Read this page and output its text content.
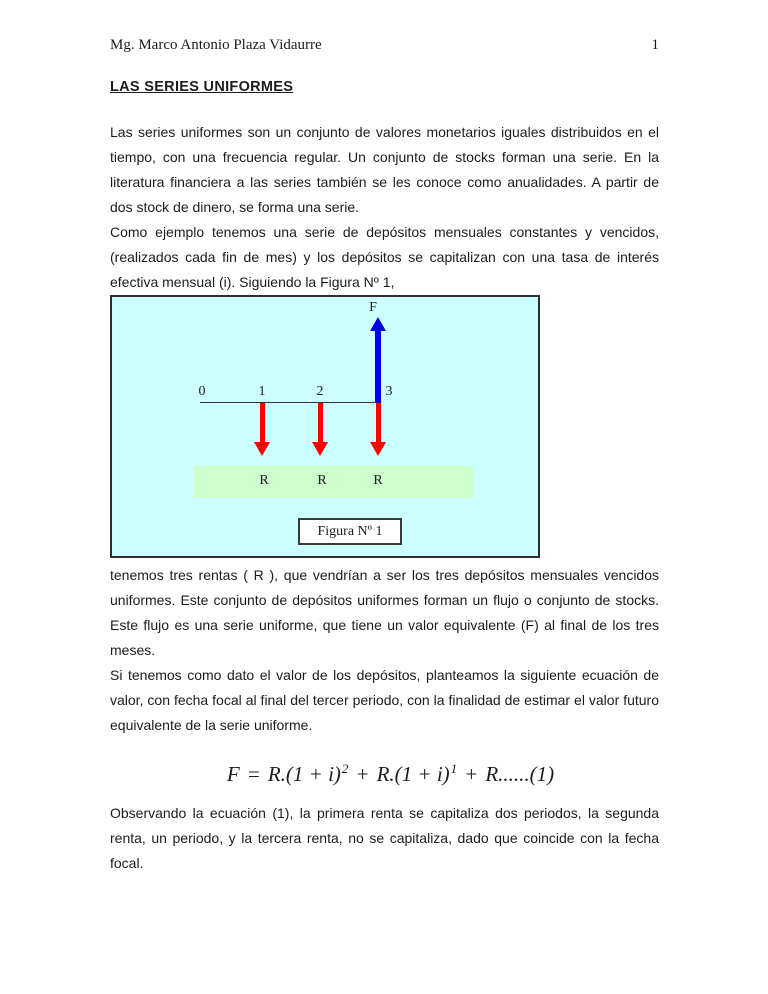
Mg. Marco Antonio Plaza Vidaurre	1
LAS SERIES UNIFORMES

Las series uniformes son un conjunto de valores monetarios iguales distribuidos en el tiempo, con una frecuencia regular. Un conjunto de stocks forman una serie. En la literatura financiera a las series también se les conoce como anualidades. A partir de dos stock de dinero, se forma una serie.

Como ejemplo tenemos una serie de depósitos mensuales constantes y vencidos, (realizados cada fin de mes) y los depósitos se capitalizan con una tasa de interés efectiva mensual (i). Siguiendo la Figura Nº 1,

F
0	1	2	3
R	R	R
Figura Nº 1

tenemos tres rentas ( R ), que vendrían a ser los tres depósitos mensuales vencidos uniformes. Este conjunto de depósitos uniformes forman un flujo o conjunto de stocks. Este flujo es una serie uniforme, que tiene un valor equivalente (F) al final de los tres meses.

Si tenemos como dato el valor de los depósitos, planteamos la siguiente ecuación de valor, con fecha focal al final del tercer periodo, con la finalidad de estimar el valor futuro equivalente de la serie uniforme.

$F = R.(1 + i)^2 + R.(1 + i)^1 + R......(1)$

Observando la ecuación (1), la primera renta se capitaliza dos periodos, la segunda renta, un periodo, y la tercera renta, no se capitaliza, dado que coincide con la fecha focal.
